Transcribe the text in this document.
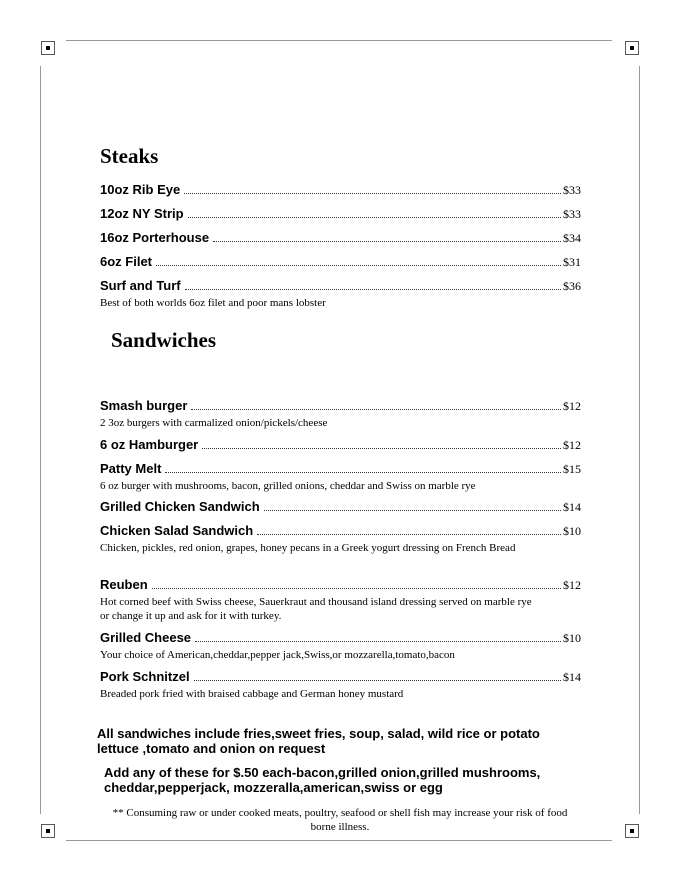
Steaks
10oz Rib Eye	$33
12oz NY Strip	$33
16oz Porterhouse	$34
6oz Filet	$31
Surf and Turf	$36
Best of both worlds 6oz filet and poor mans lobster
Sandwiches
Smash burger	$12
2 3oz burgers with carmalized onion/pickels/cheese
6 oz Hamburger	$12
Patty Melt	$15
6 oz burger with mushrooms, bacon, grilled onions, cheddar and Swiss on marble rye
Grilled Chicken Sandwich	$14
Chicken Salad Sandwich	$10
Chicken, pickles, red onion, grapes, honey pecans in a Greek yogurt dressing on French Bread
Reuben	$12
Hot corned beef with Swiss cheese, Sauerkraut and thousand island dressing served on marble rye or change it up and ask for it with turkey.
Grilled Cheese	$10
Your choice of American,cheddar,pepper jack,Swiss,or mozzarella,tomato,bacon
Pork Schnitzel	$14
Breaded pork fried with braised cabbage and German honey mustard
All sandwiches include fries,sweet fries, soup, salad, wild rice or potato lettuce ,tomato and onion on request
Add any of these for $.50 each-bacon,grilled onion,grilled mushrooms, cheddar,pepperjack, mozzeralla,american,swiss or egg
** Consuming raw or under cooked meats, poultry, seafood or shell fish may increase your risk of food borne illness.
